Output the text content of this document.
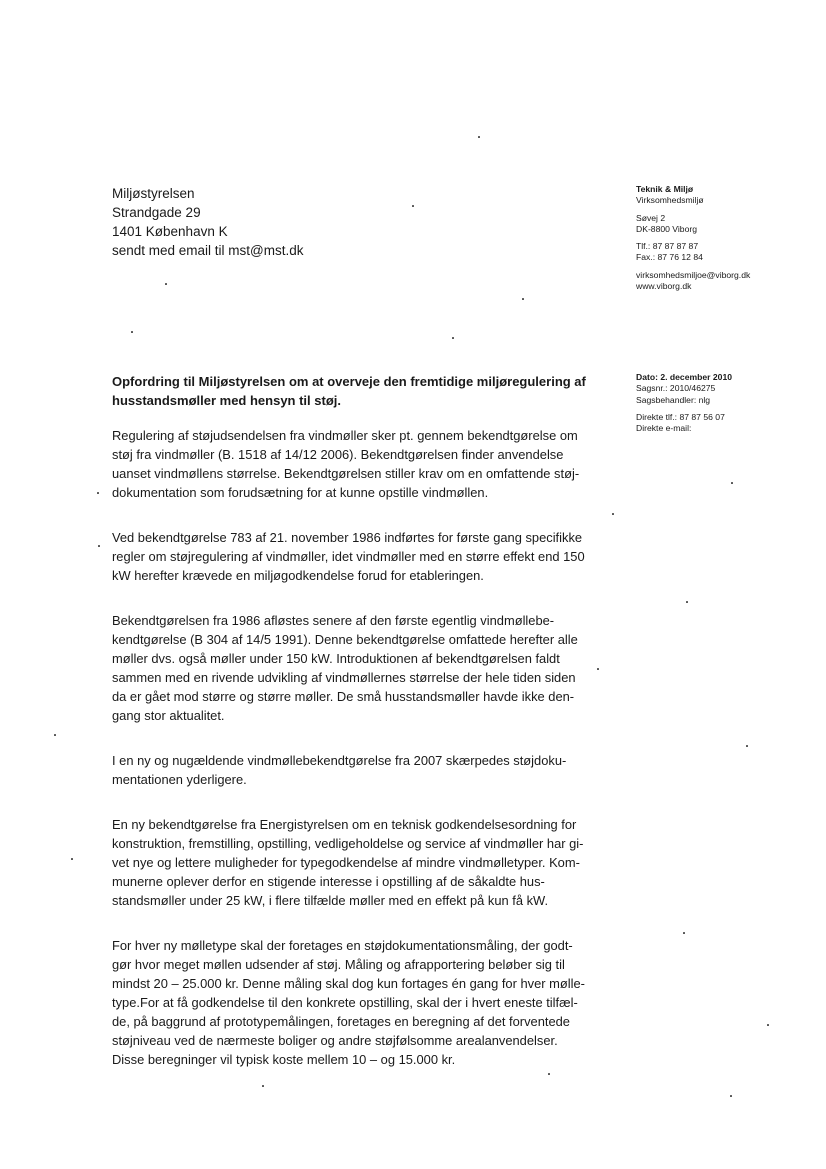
Miljøstyrelsen
Strandgade 29
1401 København K
sendt med email til mst@mst.dk
Teknik & Miljø
Virksomhedsmiljø
Søvej 2
DK-8800 Viborg
Tlf.: 87 87 87 87
Fax.: 87 76 12 84
virksomhedsmiljoe@viborg.dk
www.viborg.dk
Dato: 2. december 2010
Sagsnr.: 2010/46275
Sagsbehandler: nlg
Direkte tlf.: 87 87 56 07
Direkte e-mail:
Opfordring til Miljøstyrelsen om at overveje den fremtidige miljøregulering af
husstandsmøller med hensyn til støj.
Regulering af støjudsendelsen fra vindmøller sker pt. gennem bekendtgørelse om
støj fra vindmøller (B. 1518 af 14/12 2006). Bekendtgørelsen finder anvendelse
uanset vindmøllens størrelse. Bekendtgørelsen stiller krav om en omfattende støj-
dokumentation som forudsætning for at kunne opstille vindmøllen.
Ved bekendtgørelse 783 af 21. november 1986 indførtes for første gang specifikke
regler om støjregulering af vindmøller, idet vindmøller med en større effekt end 150
kW herefter krævede en miljøgodkendelse forud for etableringen.
Bekendtgørelsen fra 1986 afløstes senere af den første egentlig vindmøllebe-
kendtgørelse (B 304 af 14/5 1991). Denne bekendtgørelse omfattede herefter alle
møller dvs. også møller under 150 kW. Introduktionen af bekendtgørelsen faldt
sammen med en rivende udvikling af vindmøllernes størrelse der hele tiden siden
da er gået mod større og større møller. De små husstandsmøller havde ikke den-
gang stor aktualitet.
I en ny og nugældende vindmøllebekendtgørelse fra 2007 skærpedes støjdoku-
mentationen yderligere.
En ny bekendtgørelse fra Energistyrelsen om en teknisk godkendelsesordning for
konstruktion, fremstilling, opstilling, vedligeholdelse og service af vindmøller har gi-
vet nye og lettere muligheder for typegodkendelse af mindre vindmølletyper. Kom-
munerne oplever derfor en stigende interesse i opstilling af de såkaldte hus-
standsmøller under 25 kW, i flere tilfælde møller med en effekt på kun få kW.
For hver ny mølletype skal der foretages en støjdokumentationsmåling, der godt-
gør hvor meget møllen udsender af støj. Måling og afrapportering beløber sig til
mindst 20 – 25.000 kr. Denne måling skal dog kun fortages én gang for hver mølle-
type.For at få godkendelse til den konkrete opstilling, skal der i hvert eneste tilfæl-
de, på baggrund af prototypemålingen, foretages en beregning af det forventede
støjniveau ved de nærmeste boliger og andre støjfølsomme arealanvendelser.
Disse beregninger vil typisk koste mellem 10 – og 15.000 kr.
